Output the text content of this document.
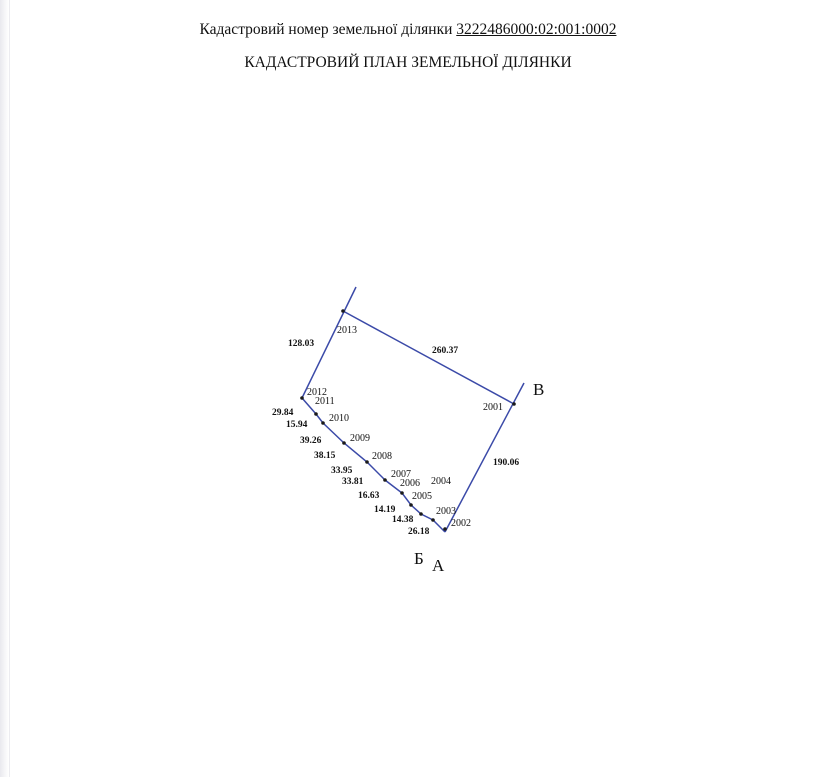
Кадастровий номер земельної ділянки 3222486000:02:001:0002
КАДАСТРОВИЙ ПЛАН ЗЕМЕЛЬНОЇ ДІЛЯНКИ
А
Б
В
2001
2002
2003
2004
2005
2006
2007
2008
2009
2010
2011
2012
2013
260.37
190.06
128.03
29.84
15.94
39.26
38.15
33.95
33.81
16.63
14.19
14.38
26.18
